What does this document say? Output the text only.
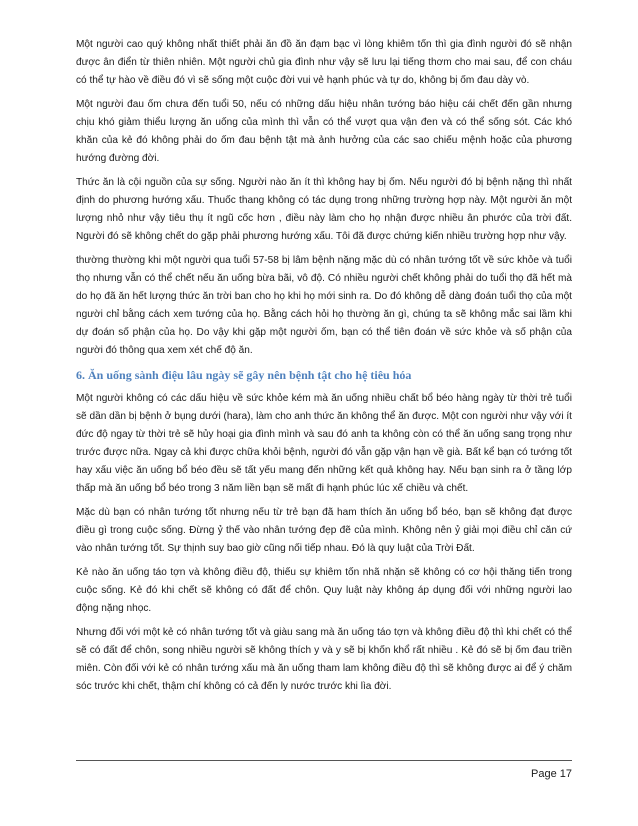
Một người cao quý không nhất thiết phải ăn đồ ăn đạm bạc vì lòng khiêm tốn thì gia đình người đó sẽ nhận được ân điển từ thiên nhiên. Một người chủ gia đình như vậy sẽ lưu lại tiếng thơm cho mai sau, để con cháu có thể tự hào về điều đó vì sẽ sống một cuộc đời vui vẻ hạnh phúc và tự do, không bị ốm đau dày vò.

Một người đau ốm chưa đến tuổi 50, nếu có những dấu hiệu nhân tướng báo hiệu cái chết đến gần nhưng chịu khó giảm thiểu lượng ăn uống của mình thì vẫn có thể vượt qua vận đen và có thể sống sót. Các khó khăn của kẻ đó không phải do ốm đau bệnh tật mà ảnh hưởng của các sao chiếu mệnh hoặc của phương hướng đường đời.

Thức ăn là cội nguồn của sự sống. Người nào ăn ít thì không hay bị ốm. Nếu người đó bị bệnh nặng thì nhất định do phương hướng xấu. Thuốc thang không có tác dụng trong những trường hợp này. Một người ăn một lượng nhỏ như vậy tiêu thụ ít ngũ cốc hơn , điều này làm cho họ nhận được nhiều ân phước của trời đất. Người đó sẽ không chết do gặp phải phương hướng xấu. Tôi đã được chứng kiến nhiều trường hợp như vậy.

thường thường khi một người qua tuổi 57-58 bị lâm bệnh nặng mặc dù có nhân tướng tốt về sức khỏe và tuổi thọ nhưng vẫn có thể chết nếu ăn uống bừa bãi, vô độ. Có nhiều người chết không phải do tuổi thọ đã hết mà do họ đã ăn hết lượng thức ăn trời ban cho họ khi họ mới sinh ra. Do đó không dễ dàng đoán tuổi thọ của một người chỉ bằng cách xem tướng của họ. Bằng cách hỏi họ thường ăn gì, chúng ta sẽ không mắc sai lầm khi dự đoán số phận của họ. Do vậy khi gặp một người ốm, bạn có thể tiên đoán về sức khỏe và số phận của người đó thông qua xem xét chế độ ăn.

6. Ăn uống sành điệu lâu ngày sẽ gây nên bệnh tật cho hệ tiêu hóa

Một người không có các dấu hiệu về sức khỏe kém mà ăn uống nhiều chất bổ béo hàng ngày từ thời trẻ tuổi sẽ dần dần bị bệnh ở bụng dưới (hara), làm cho anh thức ăn không thể ăn được. Một con người như vậy với ít đức độ ngay từ thời trẻ sẽ hủy hoại gia đình mình và sau đó anh ta không còn có thể ăn uống sang trọng như trước được nữa. Ngay cả khi được chữa khỏi bệnh, người đó vẫn gặp vận hạn về già. Bất kể bạn có tướng tốt hay xấu việc ăn uống bổ béo đều sẽ tất yếu mang đến những kết quả không hay. Nếu bạn sinh ra ở tầng lớp thấp mà ăn uống bổ béo trong 3 năm liền bạn sẽ mất đi hạnh phúc lúc xế chiều và chết.

Mặc dù bạn có nhân tướng tốt nhưng nếu từ trẻ bạn đã ham thích ăn uống bổ béo, bạn sẽ không đạt được điều gì trong cuộc sống. Đừng ỷ thế vào nhân tướng đẹp đẽ của mình. Không nên ỷ giải mọi điều chỉ căn cứ vào nhân tướng tốt. Sự thịnh suy bao giờ cũng nối tiếp nhau. Đó là quy luật của Trời Đất.

Kẻ nào ăn uống táo tợn và không điều độ, thiếu sự khiêm tốn nhã nhặn sẽ không có cơ hội thăng tiến trong cuộc sống. Kẻ đó khi chết sẽ không có đất để chôn. Quy luật này không áp dụng đối với những người lao động nặng nhọc.

Nhưng đối với một kẻ có nhân tướng tốt và giàu sang mà ăn uống táo tợn và không điều độ thì khi chết có thể sẽ có đất để chôn, song nhiều người sẽ không thích y và y sẽ bị khốn khổ rất nhiều . Kẻ đó sẽ bị ốm đau triền miên. Còn đối với kẻ có nhân tướng xấu mà ăn uống tham lam không điều độ thì sẽ không được ai để ý chăm sóc trước khi chết, thậm chí không có cả đến ly nước trước khi lìa đời.

Page 17
